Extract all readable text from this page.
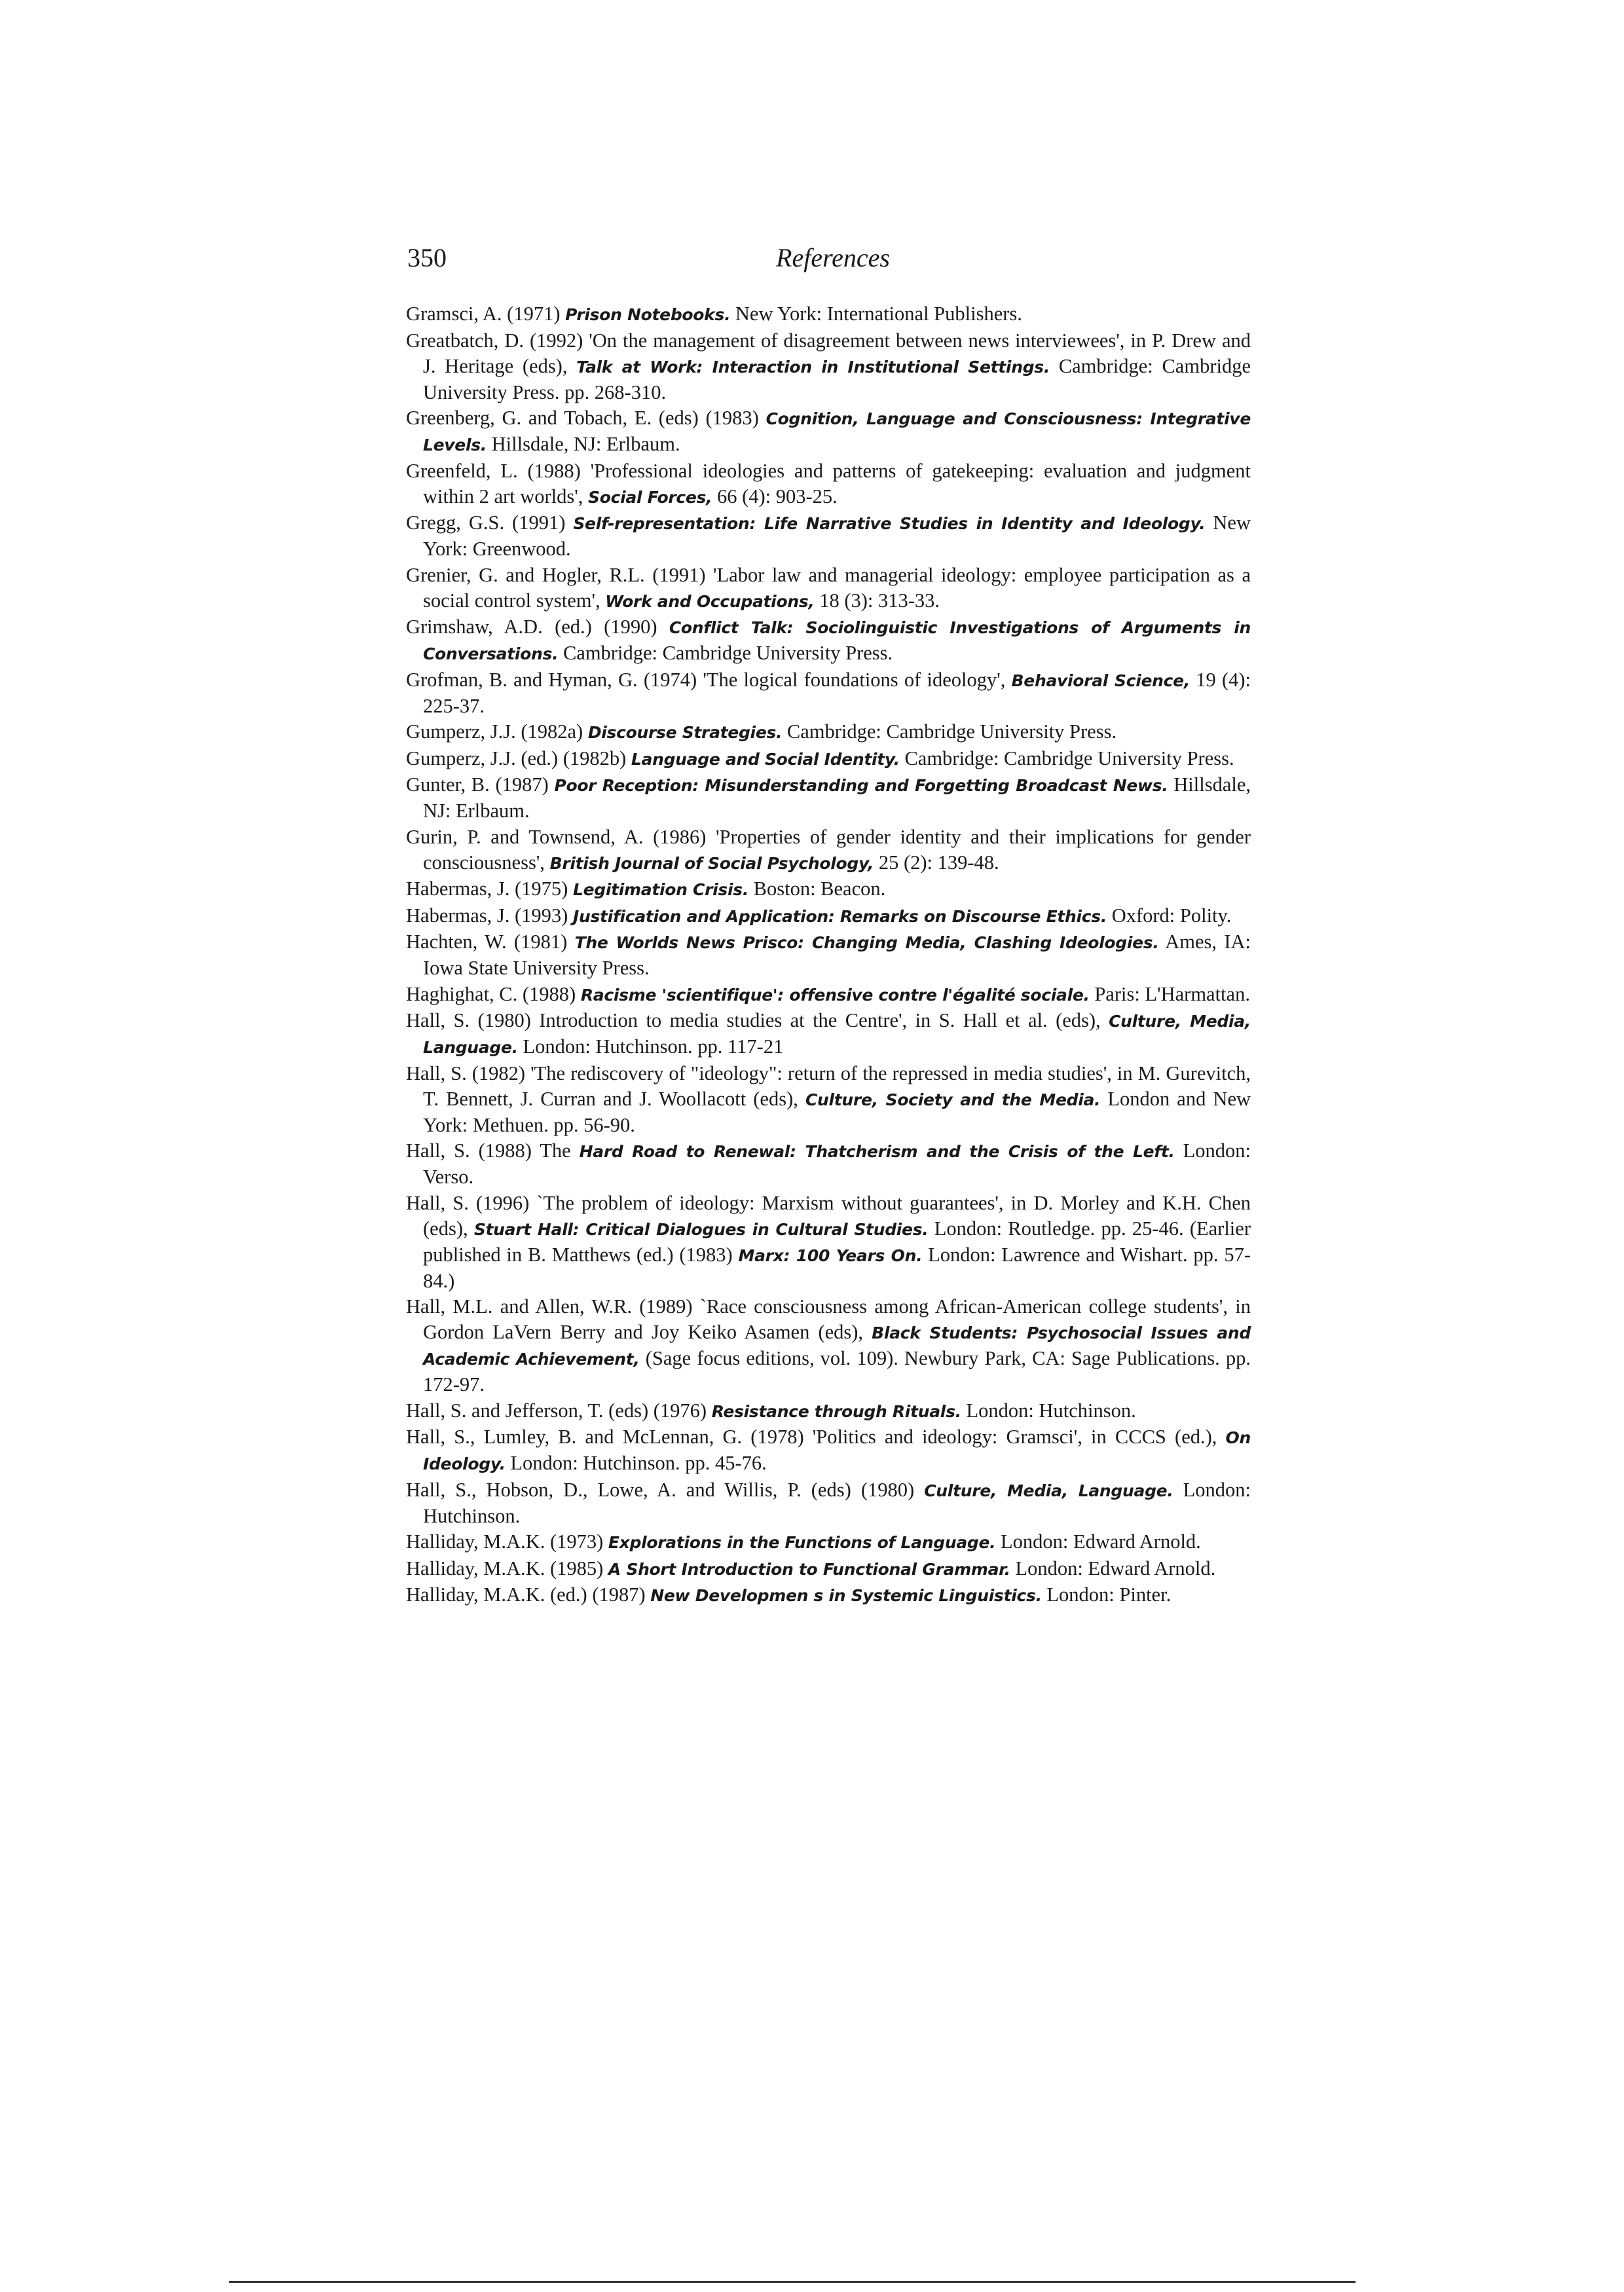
350	References
Gramsci, A. (1971) Prison Notebooks. New York: International Publishers.
Greatbatch, D. (1992) 'On the management of disagreement between news interviewees', in P. Drew and J. Heritage (eds), Talk at Work: Interaction in Institutional Settings. Cambridge: Cambridge University Press. pp. 268-310.
Greenberg, G. and Tobach, E. (eds) (1983) Cognition, Language and Consciousness: Integrative Levels. Hillsdale, NJ: Erlbaum.
Greenfeld, L. (1988) 'Professional ideologies and patterns of gatekeeping: evaluation and judgment within 2 art worlds', Social Forces, 66 (4): 903-25.
Gregg, G.S. (1991) Self-representation: Life Narrative Studies in Identity and Ideology. New York: Greenwood.
Grenier, G. and Hogler, R.L. (1991) 'Labor law and managerial ideology: employee participation as a social control system', Work and Occupations, 18 (3): 313-33.
Grimshaw, A.D. (ed.) (1990) Conflict Talk: Sociolinguistic Investigations of Arguments in Conversations. Cambridge: Cambridge University Press.
Grofman, B. and Hyman, G. (1974) 'The logical foundations of ideology', Behavioral Science, 19 (4): 225-37.
Gumperz, J.J. (1982a) Discourse Strategies. Cambridge: Cambridge University Press.
Gumperz, J.J. (ed.) (1982b) Language and Social Identity. Cambridge: Cambridge University Press.
Gunter, B. (1987) Poor Reception: Misunderstanding and Forgetting Broadcast News. Hillsdale, NJ: Erlbaum.
Gurin, P. and Townsend, A. (1986) 'Properties of gender identity and their implications for gender consciousness', British Journal of Social Psychology, 25 (2): 139-48.
Habermas, J. (1975) Legitimation Crisis. Boston: Beacon.
Habermas, J. (1993) Justification and Application: Remarks on Discourse Ethics. Oxford: Polity.
Hachten, W. (1981) The Worlds News Prisco: Changing Media, Clashing Ideologies. Ames, IA: Iowa State University Press.
Haghighat, C. (1988) Racisme 'scientifique': offensive contre l'égalité sociale. Paris: L'Harmattan.
Hall, S. (1980) Introduction to media studies at the Centre', in S. Hall et al. (eds), Culture, Media, Language. London: Hutchinson. pp. 117-21
Hall, S. (1982) 'The rediscovery of "ideology": return of the repressed in media studies', in M. Gurevitch, T. Bennett, J. Curran and J. Woollacott (eds), Culture, Society and the Media. London and New York: Methuen. pp. 56-90.
Hall, S. (1988) The Hard Road to Renewal: Thatcherism and the Crisis of the Left. London: Verso.
Hall, S. (1996) `The problem of ideology: Marxism without guarantees', in D. Morley and K.H. Chen (eds), Stuart Hall: Critical Dialogues in Cultural Studies. London: Routledge. pp. 25-46. (Earlier published in B. Matthews (ed.) (1983) Marx: 100 Years On. London: Lawrence and Wishart. pp. 57-84.)
Hall, M.L. and Allen, W.R. (1989) `Race consciousness among African-American college students', in Gordon LaVern Berry and Joy Keiko Asamen (eds), Black Students: Psychosocial Issues and Academic Achievement, (Sage focus editions, vol. 109). Newbury Park, CA: Sage Publications. pp. 172-97.
Hall, S. and Jefferson, T. (eds) (1976) Resistance through Rituals. London: Hutchinson.
Hall, S., Lumley, B. and McLennan, G. (1978) 'Politics and ideology: Gramsci', in CCCS (ed.), On Ideology. London: Hutchinson. pp. 45-76.
Hall, S., Hobson, D., Lowe, A. and Willis, P. (eds) (1980) Culture, Media, Language. London: Hutchinson.
Halliday, M.A.K. (1973) Explorations in the Functions of Language. London: Edward Arnold.
Halliday, M.A.K. (1985) A Short Introduction to Functional Grammar. London: Edward Arnold.
Halliday, M.A.K. (ed.) (1987) New Developmen s in Systemic Linguistics. London: Pinter.
